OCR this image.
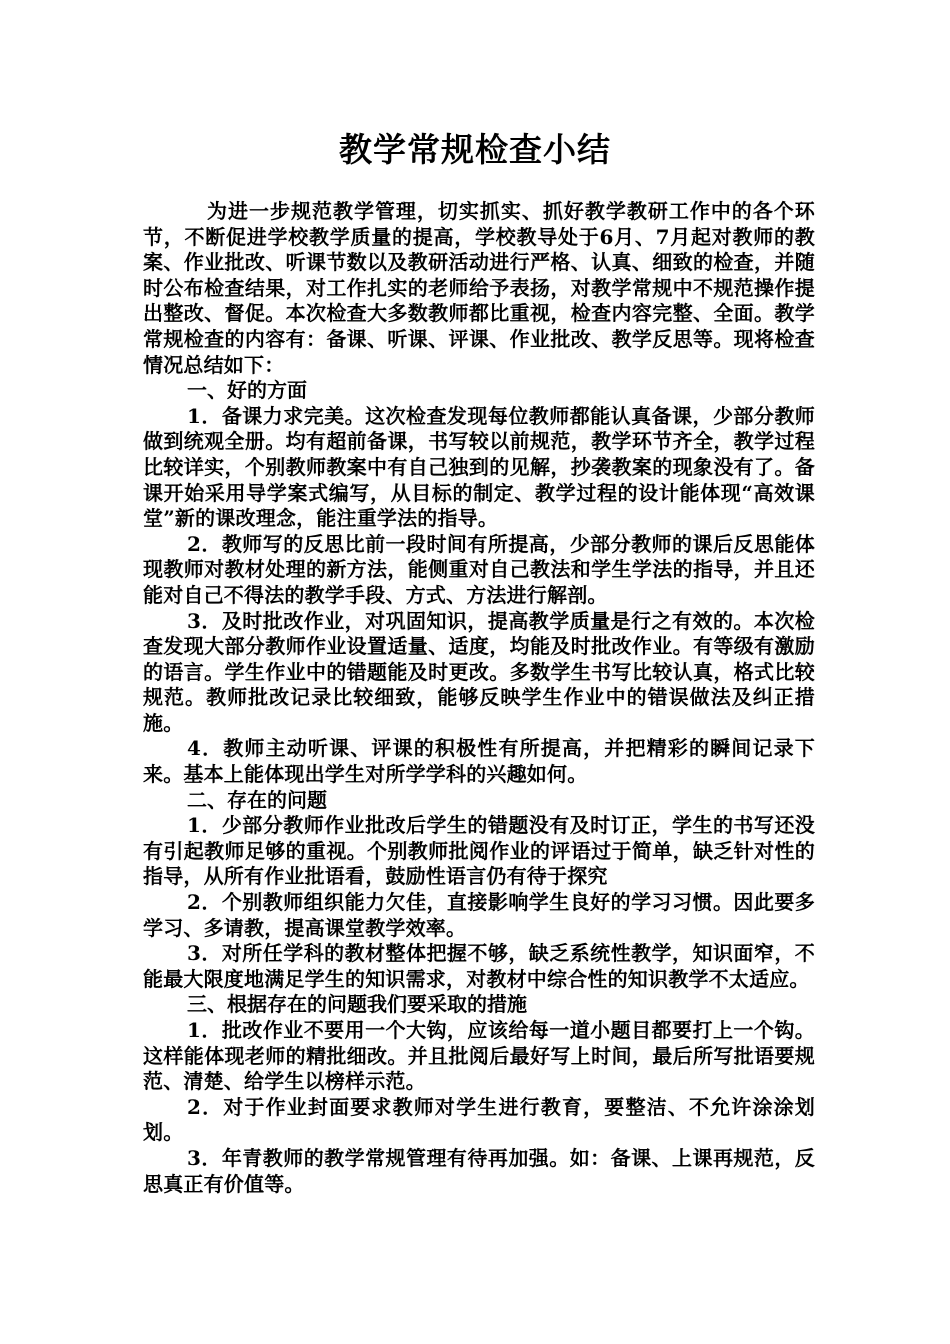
教学常规检查小结

为进一步规范教学管理，切实抓实、抓好教学教研工作中的各个环节，不断促进学校教学质量的提高，学校教导处于6月、7月起对教师的教案、作业批改、听课节数以及教研活动进行严格、认真、细致的检查，并随时公布检查结果，对工作扎实的老师给予表扬，对教学常规中不规范操作提出整改、督促。本次检查大多数教师都比重视，检查内容完整、全面。教学常规检查的内容有：备课、听课、评课、作业批改、教学反思等。现将检查情况总结如下：

一、好的方面

1．备课力求完美。这次检查发现每位教师都能认真备课，少部分教师做到统观全册。均有超前备课，书写较以前规范，教学环节齐全，教学过程比较详实，个别教师教案中有自己独到的见解，抄袭教案的现象没有了。备课开始采用导学案式编写，从目标的制定、教学过程的设计能体现“高效课堂”新的课改理念，能注重学法的指导。

2．教师写的反思比前一段时间有所提高，少部分教师的课后反思能体现教师对教材处理的新方法，能侧重对自己教法和学生学法的指导，并且还能对自己不得法的教学手段、方式、方法进行解剖。

3．及时批改作业，对巩固知识，提高教学质量是行之有效的。本次检查发现大部分教师作业设置适量、适度，均能及时批改作业。有等级有激励的语言。学生作业中的错题能及时更改。多数学生书写比较认真，格式比较规范。教师批改记录比较细致，能够反映学生作业中的错误做法及纠正措施。

4．教师主动听课、评课的积极性有所提高，并把精彩的瞬间记录下来。基本上能体现出学生对所学学科的兴趣如何。

二、存在的问题

1．少部分教师作业批改后学生的错题没有及时订正，学生的书写还没有引起教师足够的重视。个别教师批阅作业的评语过于简单，缺乏针对性的指导，从所有作业批语看，鼓励性语言仍有待于探究

2．个别教师组织能力欠佳，直接影响学生良好的学习习惯。因此要多学习、多请教，提高课堂教学效率。

3．对所任学科的教材整体把握不够，缺乏系统性教学，知识面窄，不能最大限度地满足学生的知识需求，对教材中综合性的知识教学不太适应。

三、根据存在的问题我们要采取的措施

1．批改作业不要用一个大钩，应该给每一道小题目都要打上一个钩。这样能体现老师的精批细改。并且批阅后最好写上时间，最后所写批语要规范、清楚、给学生以榜样示范。

2．对于作业封面要求教师对学生进行教育，要整洁、不允许涂涂划划。

3．年青教师的教学常规管理有待再加强。如：备课、上课再规范，反思真正有价值等。
